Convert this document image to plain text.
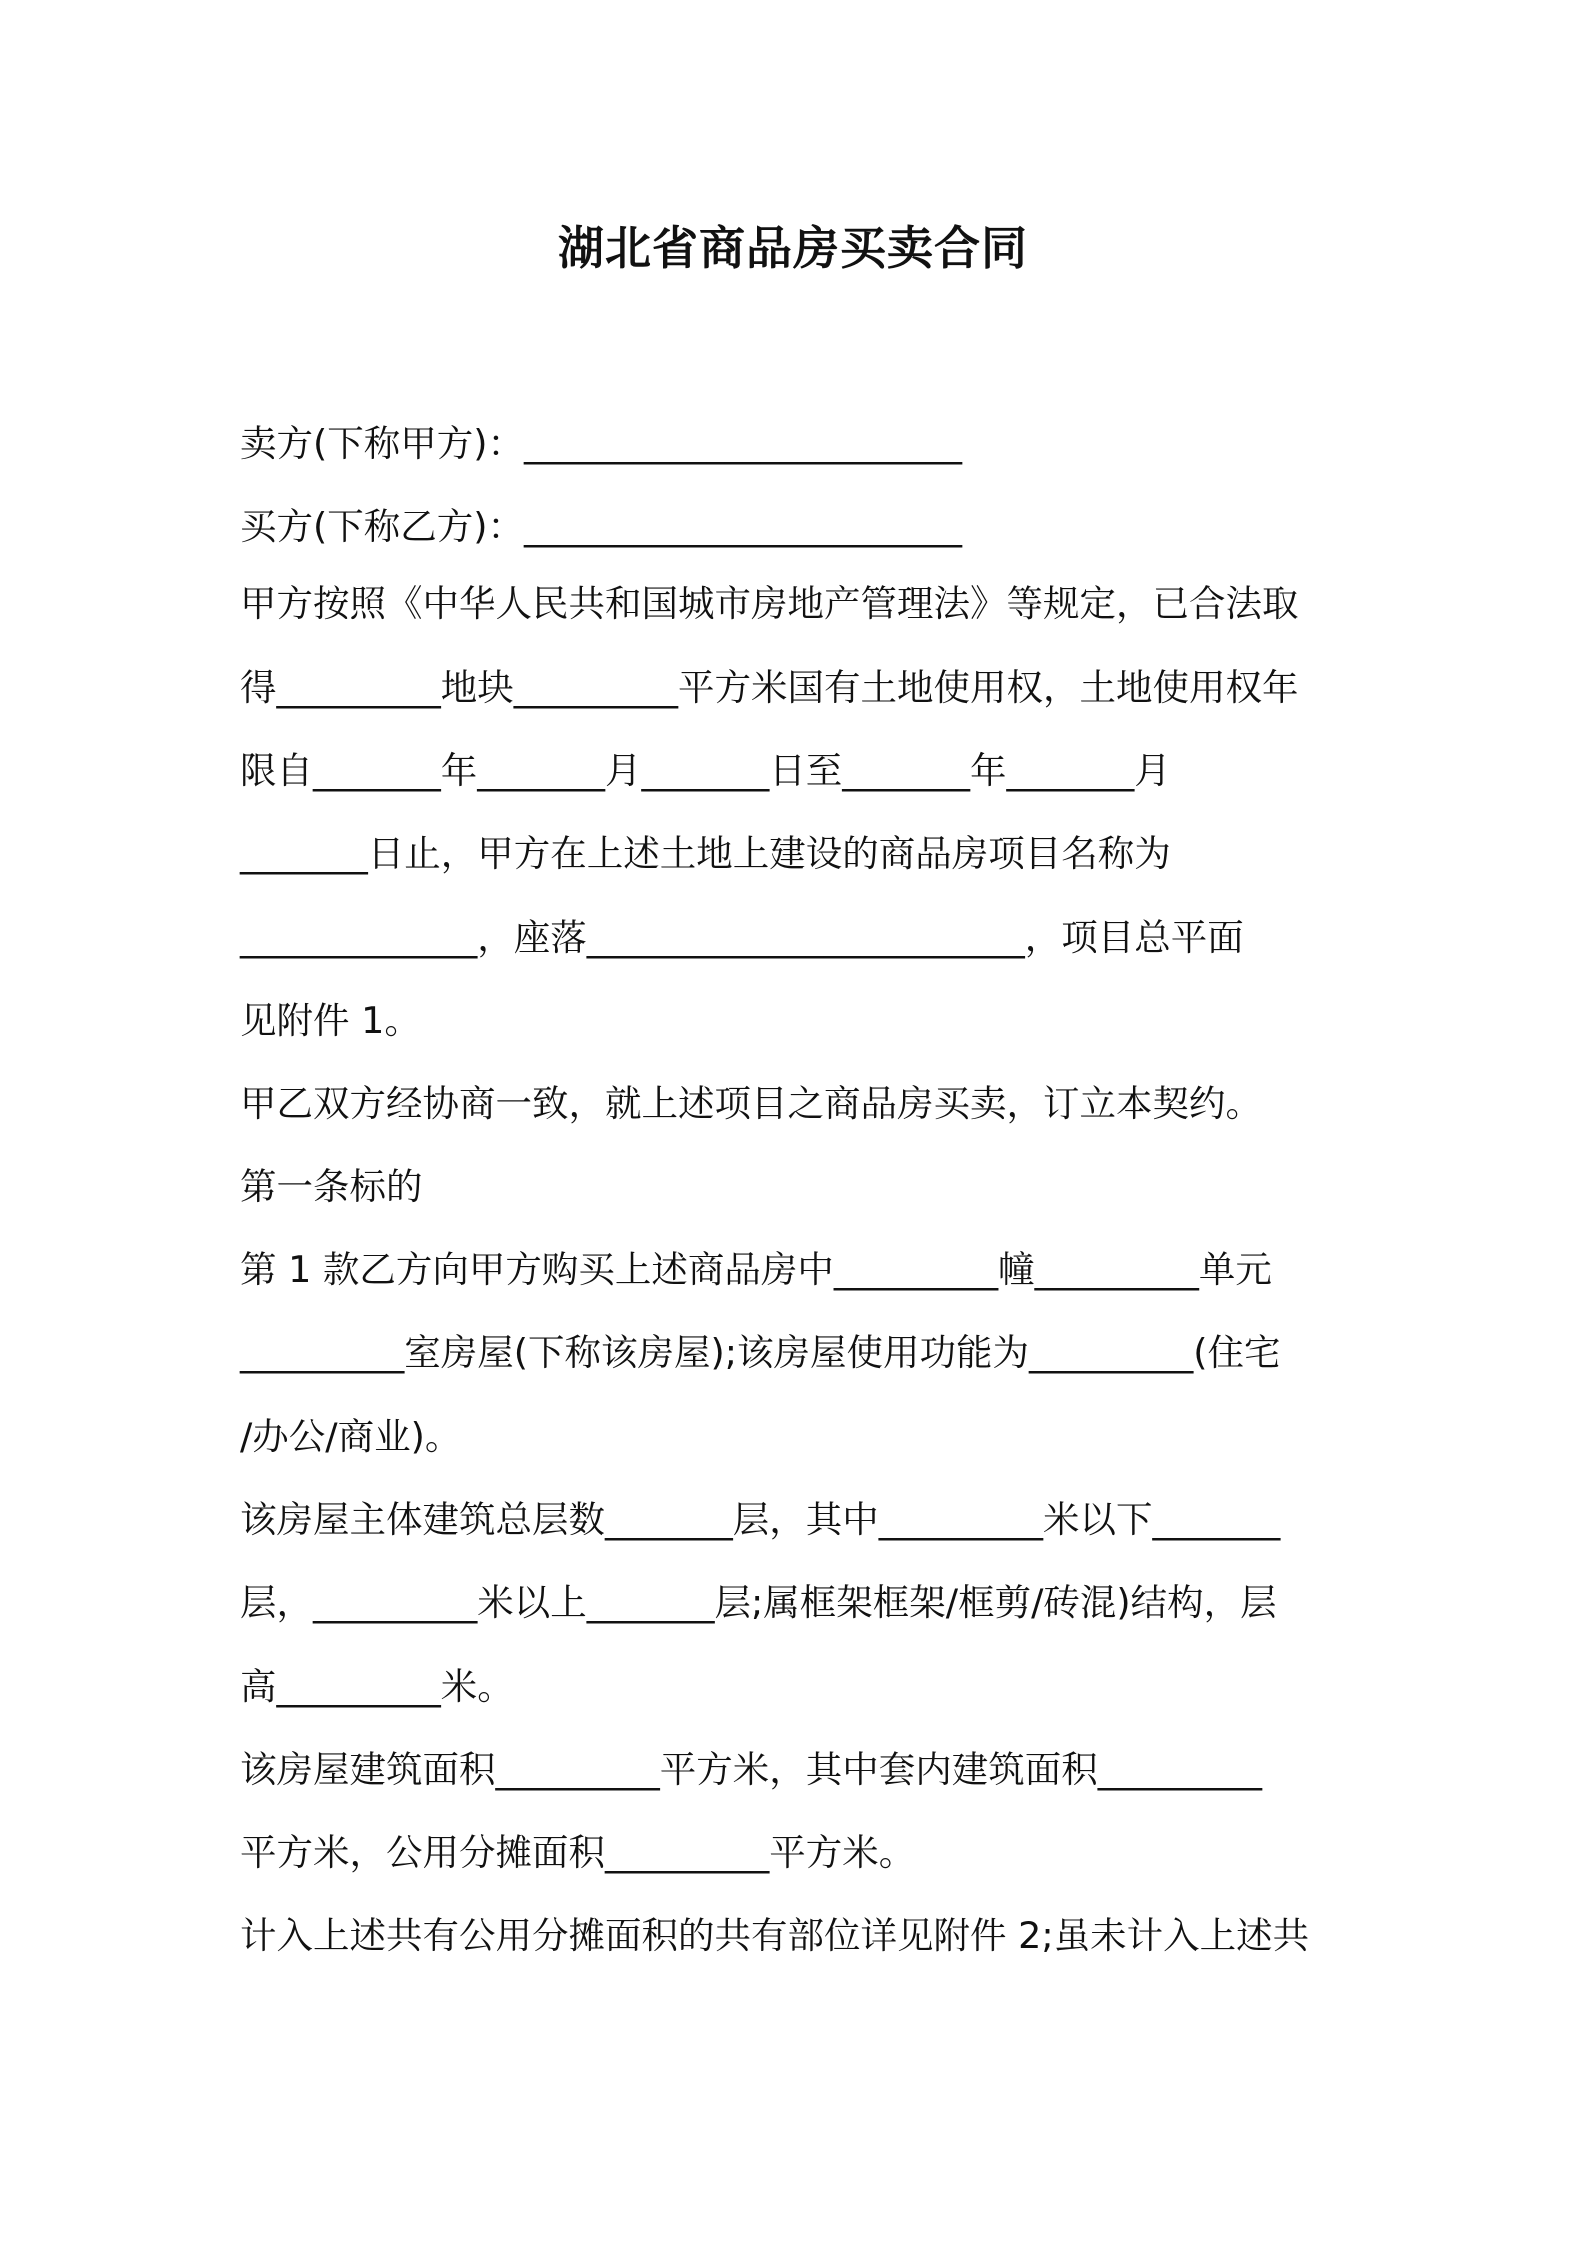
湖北省商品房买卖合同
卖方(下称甲方)：________________________
买方(下称乙方)：________________________
甲方按照《中华人民共和国城市房地产管理法》等规定，已合法取
得_________地块_________平方米国有土地使用权，土地使用权年
限自_______年_______月_______日至_______年_______月
_______日止，甲方在上述土地上建设的商品房项目名称为
_____________，座落________________________，项目总平面
见附件 1。
甲乙双方经协商一致，就上述项目之商品房买卖，订立本契约。
第一条标的
第 1 款乙方向甲方购买上述商品房中_________幢_________单元
_________室房屋(下称该房屋);该房屋使用功能为_________(住宅
/办公/商业)。
该房屋主体建筑总层数_______层，其中_________米以下_______
层，_________米以上_______层;属框架框架/框剪/砖混)结构，层
高_________米。
该房屋建筑面积_________平方米，其中套内建筑面积_________
平方米，公用分摊面积_________平方米。
计入上述共有公用分摊面积的共有部位详见附件 2;虽未计入上述共
